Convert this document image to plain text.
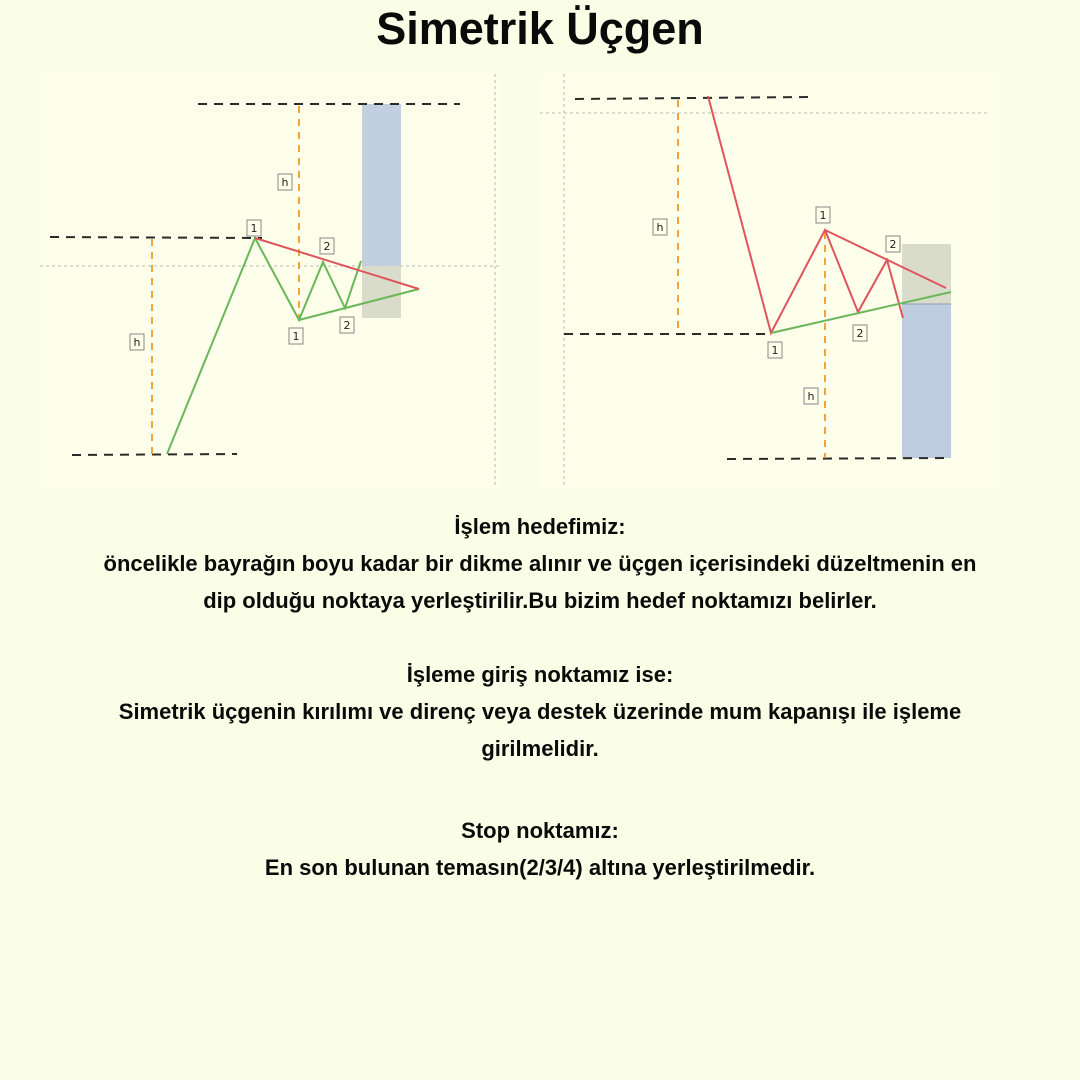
Simetrik Üçgen
h
h
1
2
1
2
h
h
1
2
1
2

İşlem hedefimiz:

öncelikle bayrağın boyu kadar bir dikme alınır ve üçgen içerisindeki düzeltmenin en

dip olduğu noktaya yerleştirilir.Bu bizim hedef noktamızı belirler.

İşleme giriş noktamız ise:

Simetrik üçgenin kırılımı ve direnç veya destek üzerinde mum kapanışı ile işleme

girilmelidir.

Stop noktamız:

En son bulunan temasın(2/3/4) altına yerleştirilmedir.
